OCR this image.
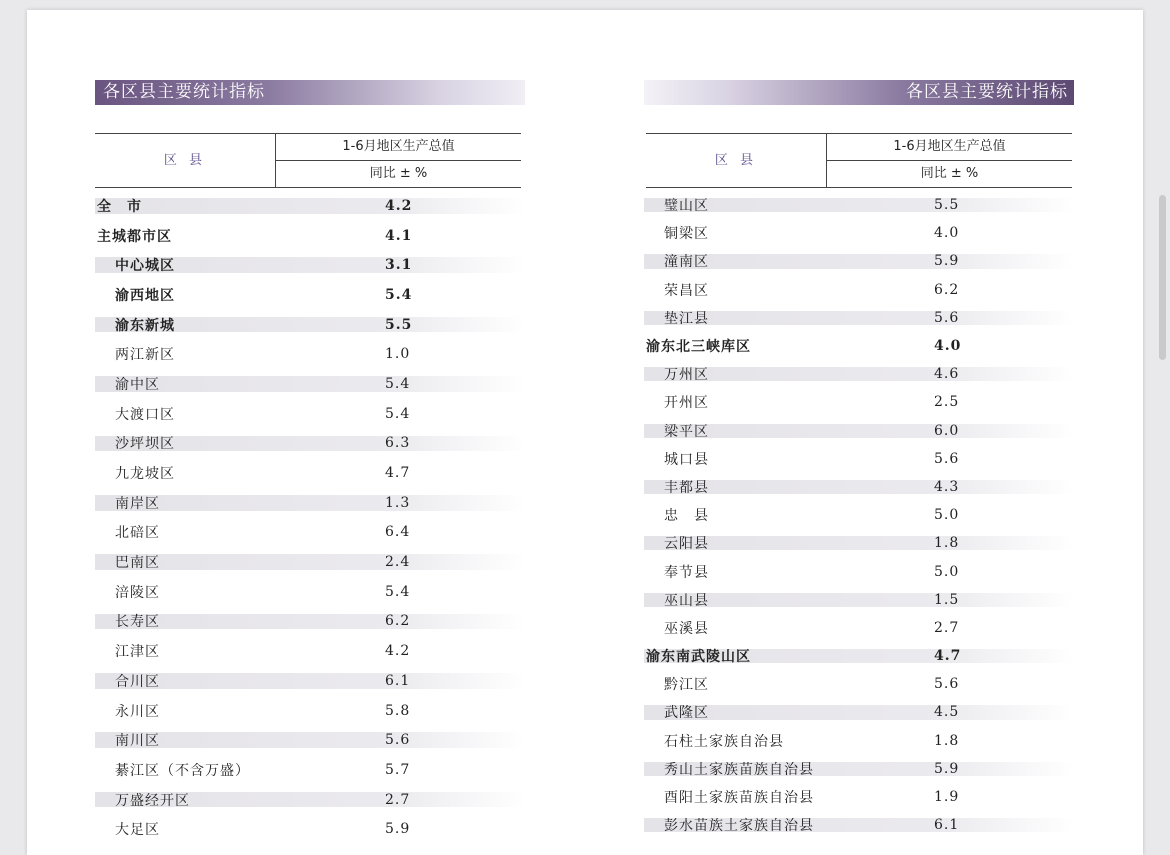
各区县主要统计指标
区 县
1-6月地区生产总值
同比 ± %
全　市	4.2
主城都市区	4.1
中心城区	3.1
渝西地区	5.4
渝东新城	5.5
两江新区	1.0
渝中区	5.4
大渡口区	5.4
沙坪坝区	6.3
九龙坡区	4.7
南岸区	1.3
北碚区	6.4
巴南区	2.4
涪陵区	5.4
长寿区	6.2
江津区	4.2
合川区	6.1
永川区	5.8
南川区	5.6
綦江区（不含万盛）	5.7
万盛经开区	2.7
大足区	5.9
各区县主要统计指标
区 县
1-6月地区生产总值
同比 ± %
璧山区	5.5
铜梁区	4.0
潼南区	5.9
荣昌区	6.2
垫江县	5.6
渝东北三峡库区	4.0
万州区	4.6
开州区	2.5
梁平区	6.0
城口县	5.6
丰都县	4.3
忠　县	5.0
云阳县	1.8
奉节县	5.0
巫山县	1.5
巫溪县	2.7
渝东南武陵山区	4.7
黔江区	5.6
武隆区	4.5
石柱土家族自治县	1.8
秀山土家族苗族自治县	5.9
酉阳土家族苗族自治县	1.9
彭水苗族土家族自治县	6.1
